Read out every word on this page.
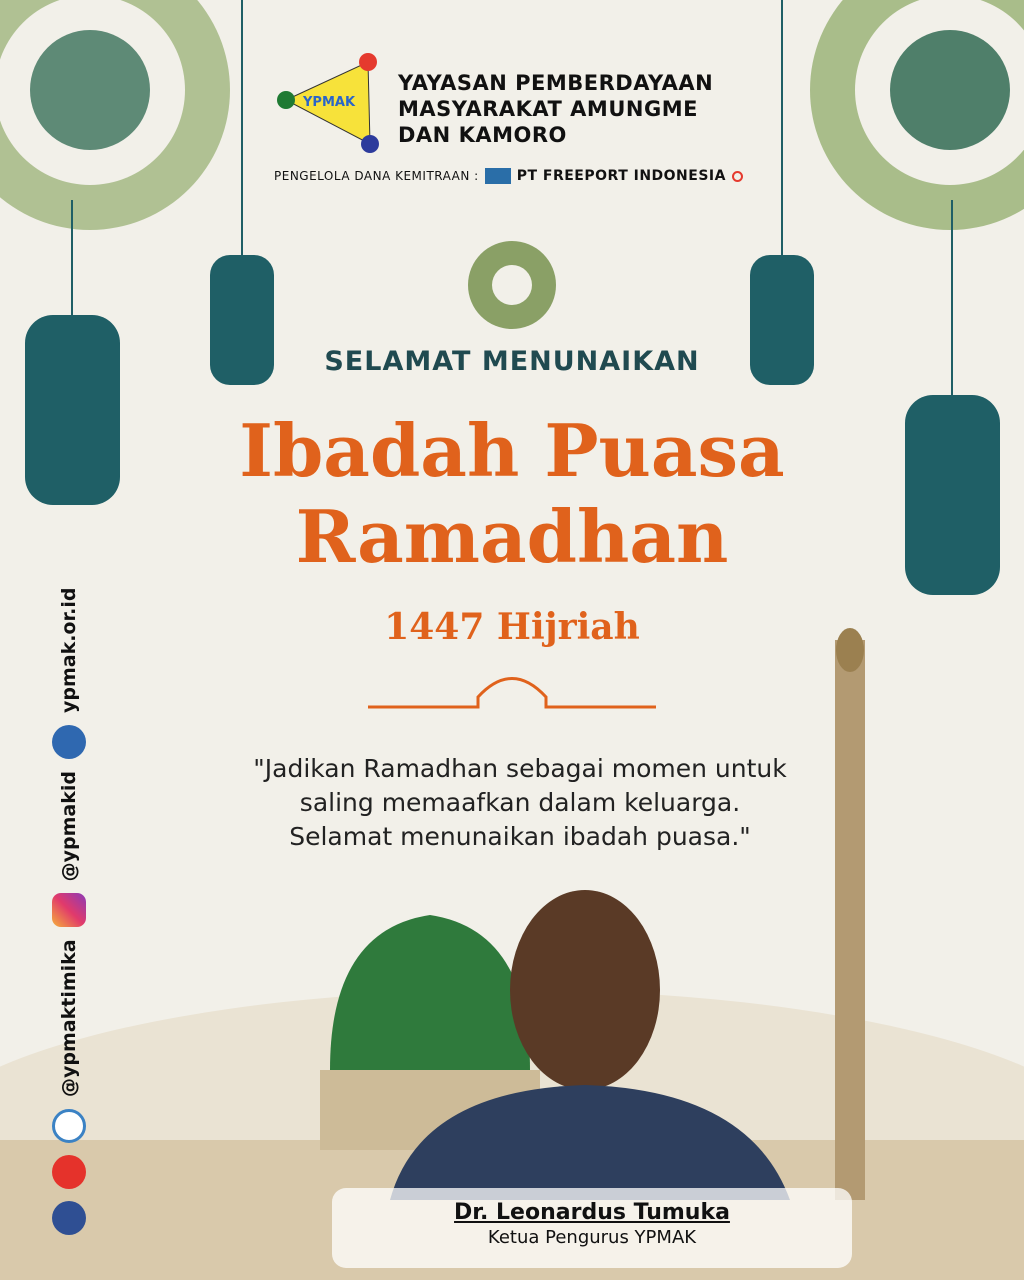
YPMAK
YAYASAN PEMBERDAYAAN
MASYARAKAT AMUNGME
DAN KAMORO
PENGELOLA DANA KEMITRAAN :	PT FREEPORT INDONESIA
SELAMAT MENUNAIKAN
Ibadah Puasa
Ramadhan
1447 Hijriah
"Jadikan Ramadhan sebagai momen untuk
saling memaafkan dalam keluarga.
Selamat menunaikan ibadah puasa."
@ypmaktimika
@ypmakid
ypmak.or.id
Dr. Leonardus Tumuka
Ketua Pengurus YPMAK
